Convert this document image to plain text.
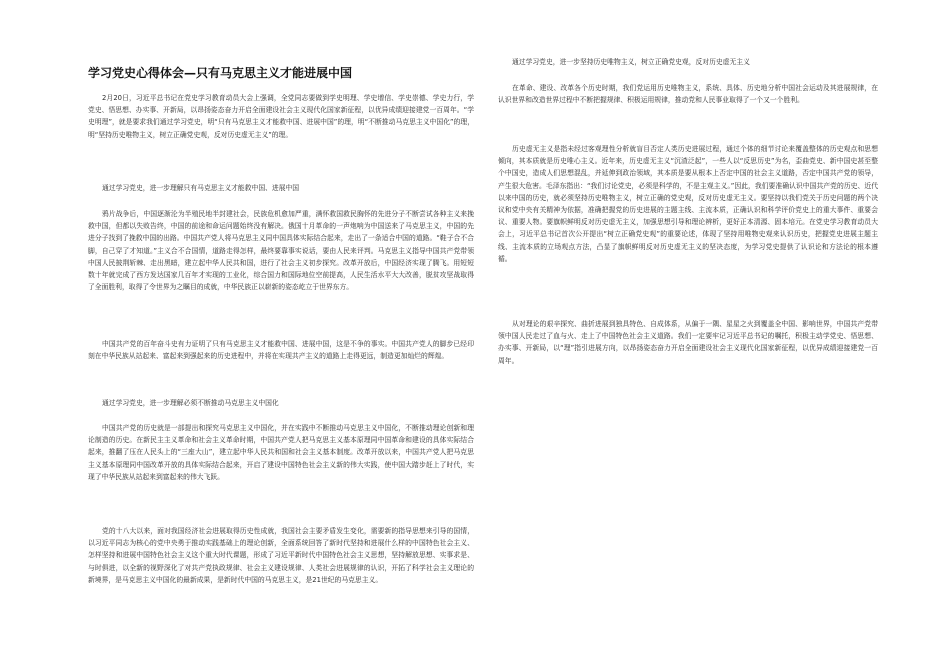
学习党史心得体会—只有马克思主义才能进展中国

2月20日，习近平总书记在党史学习教育动员大会上强调，全党同志要做到学史明理、学史增信、学史崇德、学史力行，学党史、悟思想、办实事、开新局，以昂扬姿态奋力开启全面建设社会主义现代化国家新征程，以优异成绩迎接建党一百周年。“学史明理”，就是要求我们通过学习党史，明“只有马克思主义才能救中国、进展中国”的理，明“不断推动马克思主义中国化”的理，明“坚持历史唯物主义，树立正确党史观，反对历史虚无主义”的理。

通过学习党史，进一步理解只有马克思主义才能救中国、进展中国

鸦片战争后，中国逐渐沦为半殖民地半封建社会，民族危机愈加严重，满怀救国救民胸怀的先进分子不断尝试各种主义来挽救中国，但都以失败告终，中国的前途和命运问题始终没有解决。俄国十月革命的一声炮响为中国送来了马克思主义，中国的先进分子找到了挽救中国的出路。中国共产党人将马克思主义同中国具体实际结合起来，走出了一条适合中国的道路。“鞋子合不合脚，自己穿了才知道。”主义合不合国情，道路走得怎样，最终要靠事实说话，要由人民来评判。马克思主义指导中国共产党带领中国人民披荆斩棘、走出黑暗，建立起中华人民共和国，进行了社会主义初步探究。改革开放后，中国经济实现了腾飞。用短短数十年就完成了西方发达国家几百年才实现的工业化，综合国力和国际地位空前提高，人民生活水平大大改善，脱贫攻坚战取得了全面胜利，取得了令世界为之瞩目的成就，中华民族正以崭新的姿态屹立于世界东方。

中国共产党的百年奋斗史有力证明了只有马克思主义才能救中国、进展中国，这是不争的事实。中国共产党人的脚步已经印刻在中华民族从站起来、富起来到强起来的历史进程中，并将在实现共产主义的道路上走得更远，制造更加灿烂的辉煌。

通过学习党史，进一步理解必须不断推动马克思主义中国化

中国共产党的历史就是一部提出和探究马克思主义中国化，并在实践中不断推动马克思主义中国化，不断推动理论创新和理论制造的历史。在新民主主义革命和社会主义革命时期，中国共产党人把马克思主义基本原理同中国革命和建设的具体实际结合起来，推翻了压在人民头上的“三座大山”，建立起中华人民共和国和社会主义基本制度。改革开放以来，中国共产党人把马克思主义基本原理同中国改革开放的具体实际结合起来，开启了建设中国特色社会主义新的伟大实践，使中国大踏步赶上了时代，实现了中华民族从站起来到富起来的伟大飞跃。

党的十八大以来，面对我国经济社会进展取得历史性成就，我国社会主要矛盾发生变化，需要新的指导思想来引导的国情，以习近平同志为核心的党中央勇于推动实践基础上的理论创新，全面系统回答了新时代坚持和进展什么样的中国特色社会主义、怎样坚持和进展中国特色社会主义这个重大时代课题，形成了习近平新时代中国特色社会主义思想，坚持解放思想、实事求是、与时俱进，以全新的视野深化了对共产党执政规律、社会主义建设规律、人类社会进展规律的认识，开拓了科学社会主义理论的新境界，是马克思主义中国化的最新成果，是新时代中国的马克思主义，是21世纪的马克思主义。

通过学习党史，进一步坚持历史唯物主义，树立正确党史观，反对历史虚无主义

在革命、建设、改革各个历史时期，我们党运用历史唯物主义，系统、具体、历史地分析中国社会运动及其进展规律，在认识世界和改造世界过程中不断把握规律、积极运用规律，推动党和人民事业取得了一个又一个胜利。

历史虚无主义是指未经过客观理性分析就盲目否定人类历史进展过程，通过个体的细节讨论来覆盖整体的历史观点和思想倾向，其本质就是历史唯心主义。近年来，历史虚无主义“沉渣泛起”，一些人以“反思历史”为名，歪曲党史、新中国史甚至整个中国史，造成人们思想混乱，并延伸到政治领域，其本质是要从根本上否定中国的社会主义道路，否定中国共产党的领导，产生很大危害。毛泽东指出：“我们讨论党史，必须是科学的，不是主观主义。”因此，我们要准确认识中国共产党的历史、近代以来中国的历史，就必须坚持历史唯物主义，树立正确的党史观，反对历史虚无主义。要坚持以我们党关于历史问题的两个决议和党中央有关精神为依据，准确把握党的历史进展的主题主线、主流本质，正确认识和科学评价党史上的重大事件、重要会议、重要人物。要旗帜鲜明反对历史虚无主义，加强思想引导和理论辨析，更好正本清源、固本培元。在党史学习教育动员大会上，习近平总书记首次公开提出“树立正确党史观”的重要论述，体现了坚持用唯物史观来认识历史，把握党史进展主题主线、主流本质的立场观点方法，凸显了旗帜鲜明反对历史虚无主义的坚决态度，为学习党史提供了认识论和方法论的根本遵循。

从对理论的艰辛探究、曲折进展到独具特色、自成体系，从偏于一隅、星星之火到覆盖全中国、影响世界，中国共产党带领中国人民走过了血与火、走上了中国特色社会主义道路。我们一定要牢记习近平总书记的嘱托，积极主动学党史、悟思想、办实事、开新局，以“理”指引进展方向，以昂扬姿态奋力开启全面建设社会主义现代化国家新征程，以优异成绩迎接建党一百周年。
